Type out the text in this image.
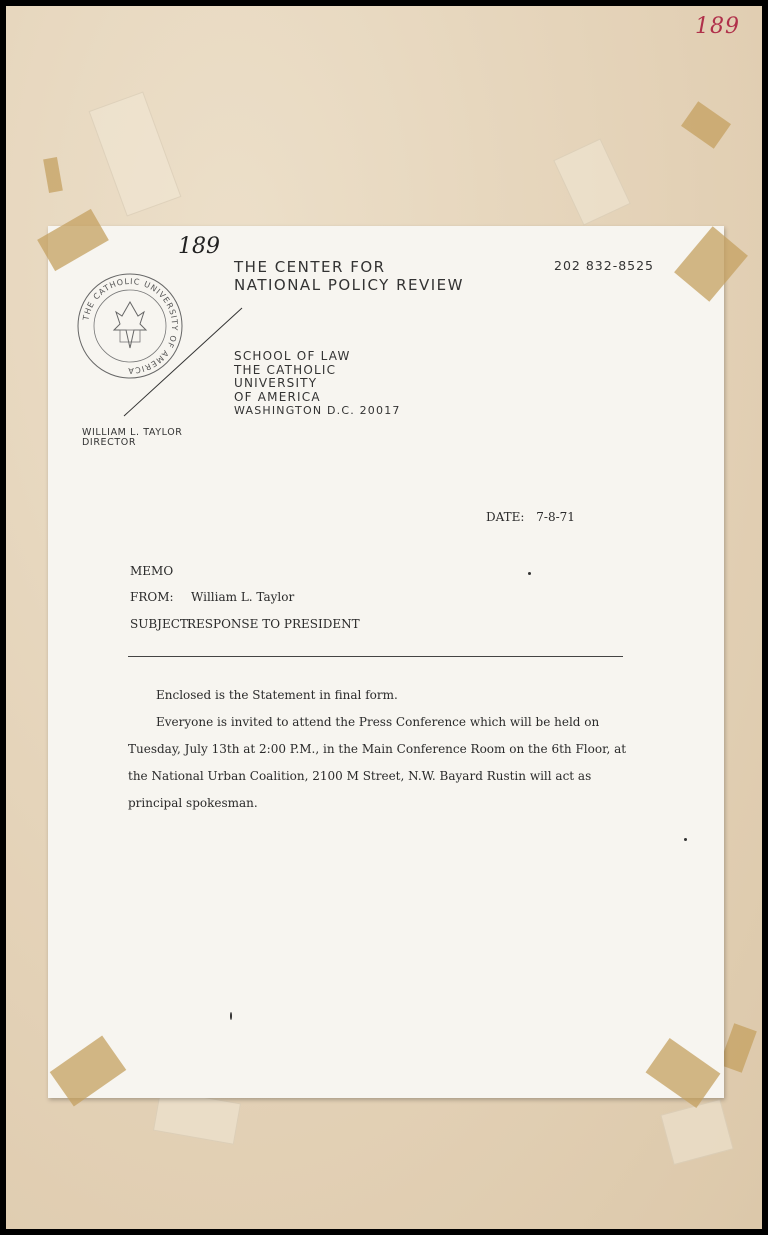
189
189
THE CATHOLIC UNIVERSITY OF AMERICA
THE CENTER FOR
NATIONAL POLICY REVIEW
202 832-8525
SCHOOL OF LAW
THE CATHOLIC
UNIVERSITY
OF AMERICA
WASHINGTON D.C. 20017
WILLIAM L. TAYLOR
DIRECTOR
DATE: 7-8-71
MEMO
FROM: William L. Taylor
SUBJECT:RESPONSE TO PRESIDENT

Enclosed is the Statement in final form.

Everyone is invited to attend the Press Conference which will be held on Tuesday, July 13th at 2:00 P.M., in the Main Conference Room on the 6th Floor, at the National Urban Coalition, 2100 M Street, N.W. Bayard Rustin will act as principal spokesman.
